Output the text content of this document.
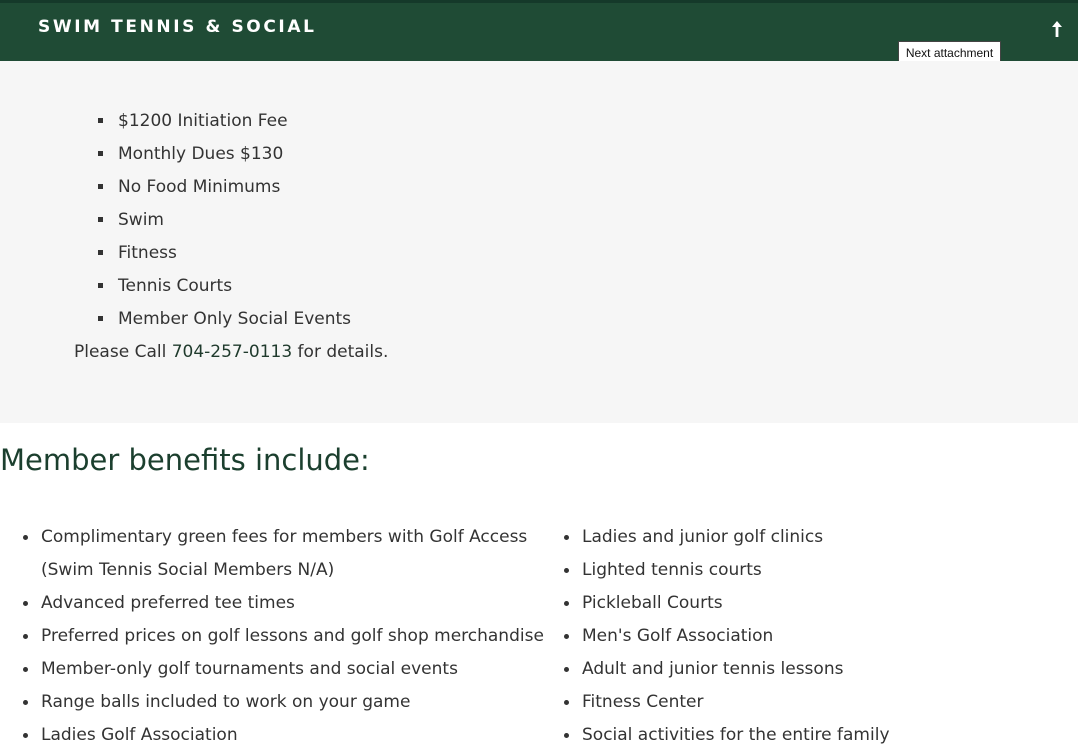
SWIM TENNIS & SOCIAL
Next attachment
$1200 Initiation Fee
Monthly Dues $130
No Food Minimums
Swim
Fitness
Tennis Courts
Member Only Social Events
Please Call 704-257-0113 for details.
Member benefits include:
Complimentary green fees for members with Golf Access (Swim Tennis Social Members N/A)
Advanced preferred tee times
Preferred prices on golf lessons and golf shop merchandise
Member-only golf tournaments and social events
Range balls included to work on your game
Ladies Golf Association
Ladies and junior golf clinics
Lighted tennis courts
Pickleball Courts
Men's Golf Association
Adult and junior tennis lessons
Fitness Center
Social activities for the entire family
